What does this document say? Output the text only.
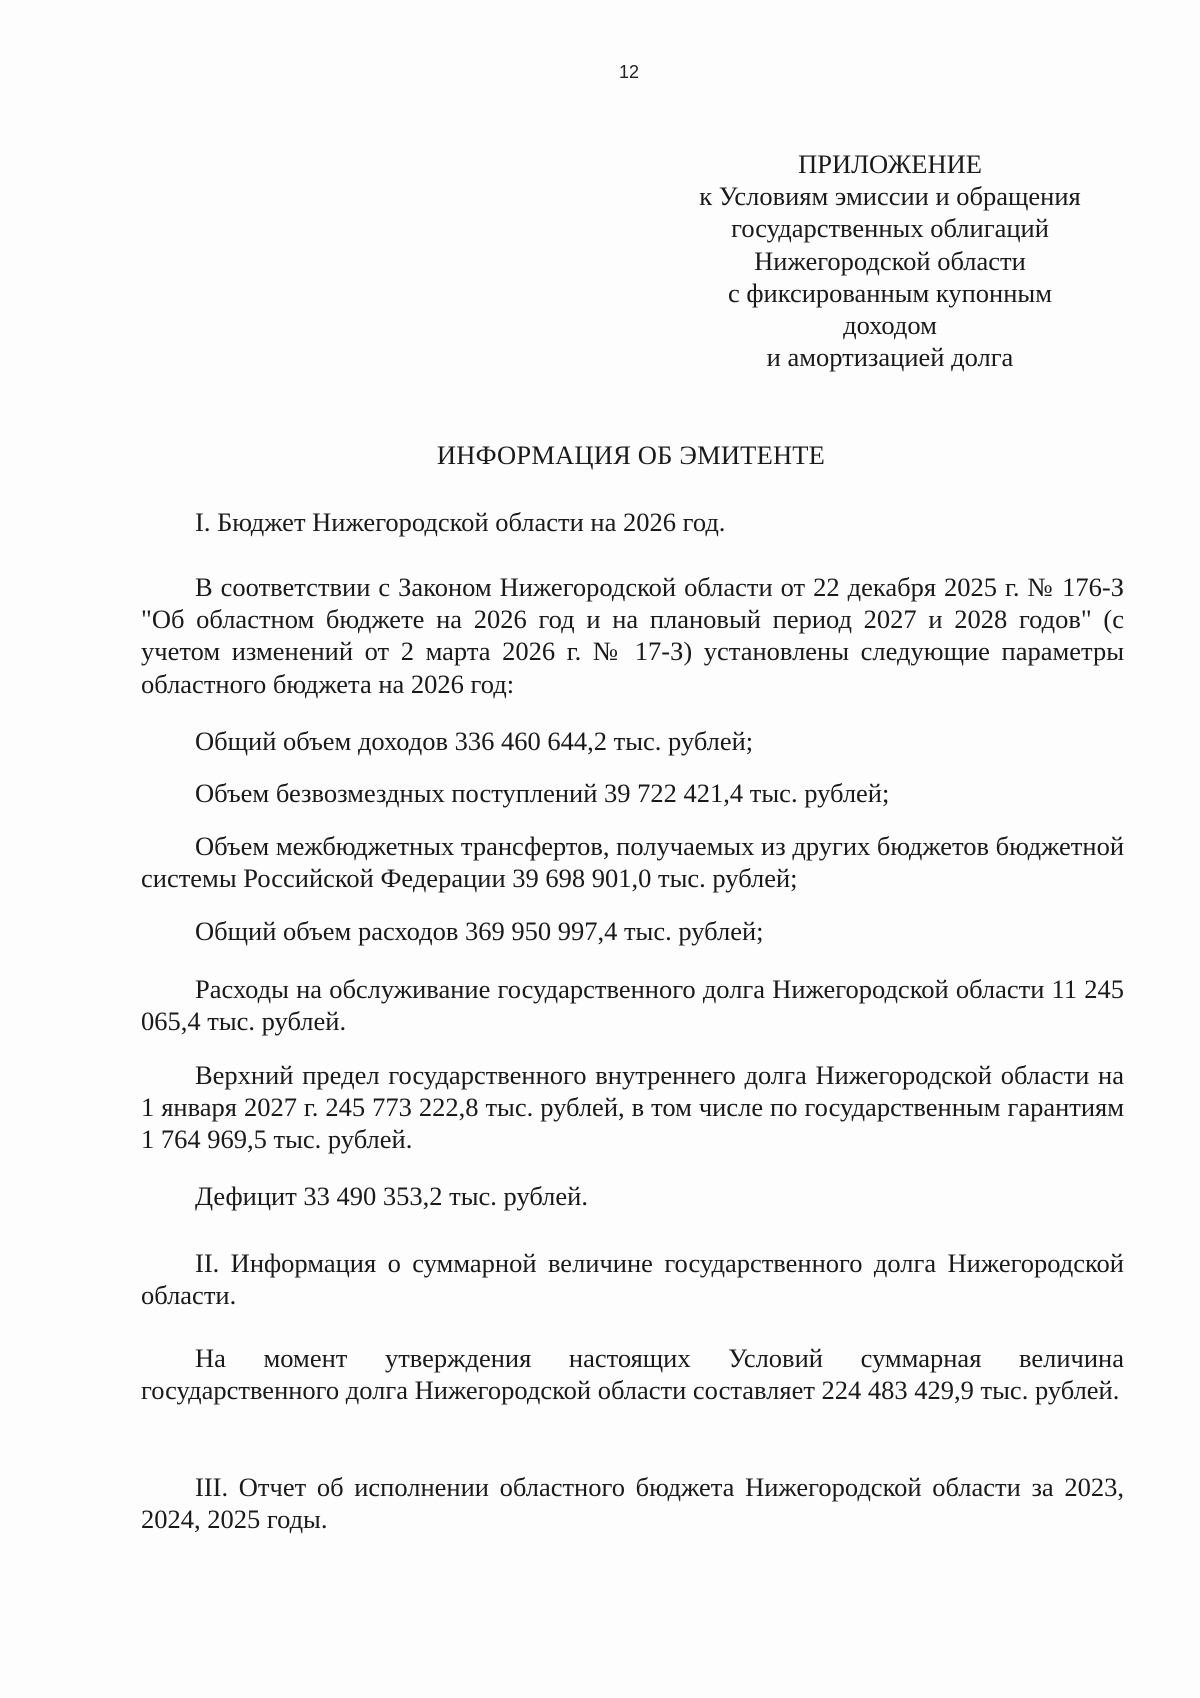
12
ПРИЛОЖЕНИЕ
к Условиям эмиссии и обращения
государственных облигаций
Нижегородской области
с фиксированным купонным
доходом
и амортизацией долга
ИНФОРМАЦИЯ ОБ ЭМИТЕНТЕ
I. Бюджет Нижегородской области на 2026 год.
В соответствии с Законом Нижегородской области от 22 декабря 2025 г. № 176-З "Об областном бюджете на 2026 год и на плановый период 2027 и 2028 годов" (с учетом изменений от 2 марта 2026 г. № 17-З) установлены следующие параметры областного бюджета на 2026 год:
Общий объем доходов 336 460 644,2 тыс. рублей;
Объем безвозмездных поступлений 39 722 421,4 тыс. рублей;
Объем межбюджетных трансфертов, получаемых из других бюджетов бюджетной системы Российской Федерации 39 698 901,0 тыс. рублей;
Общий объем расходов 369 950 997,4 тыс. рублей;
Расходы на обслуживание государственного долга Нижегородской области 11 245 065,4 тыс. рублей.
Верхний предел государственного внутреннего долга Нижегородской области на 1 января 2027 г. 245 773 222,8 тыс. рублей, в том числе по государственным гарантиям 1 764 969,5 тыс. рублей.
Дефицит 33 490 353,2 тыс. рублей.
II. Информация о суммарной величине государственного долга Нижегородской области.
На момент утверждения настоящих Условий суммарная величина государственного долга Нижегородской области составляет 224 483 429,9 тыс. рублей.
III. Отчет об исполнении областного бюджета Нижегородской области за 2023, 2024, 2025 годы.
